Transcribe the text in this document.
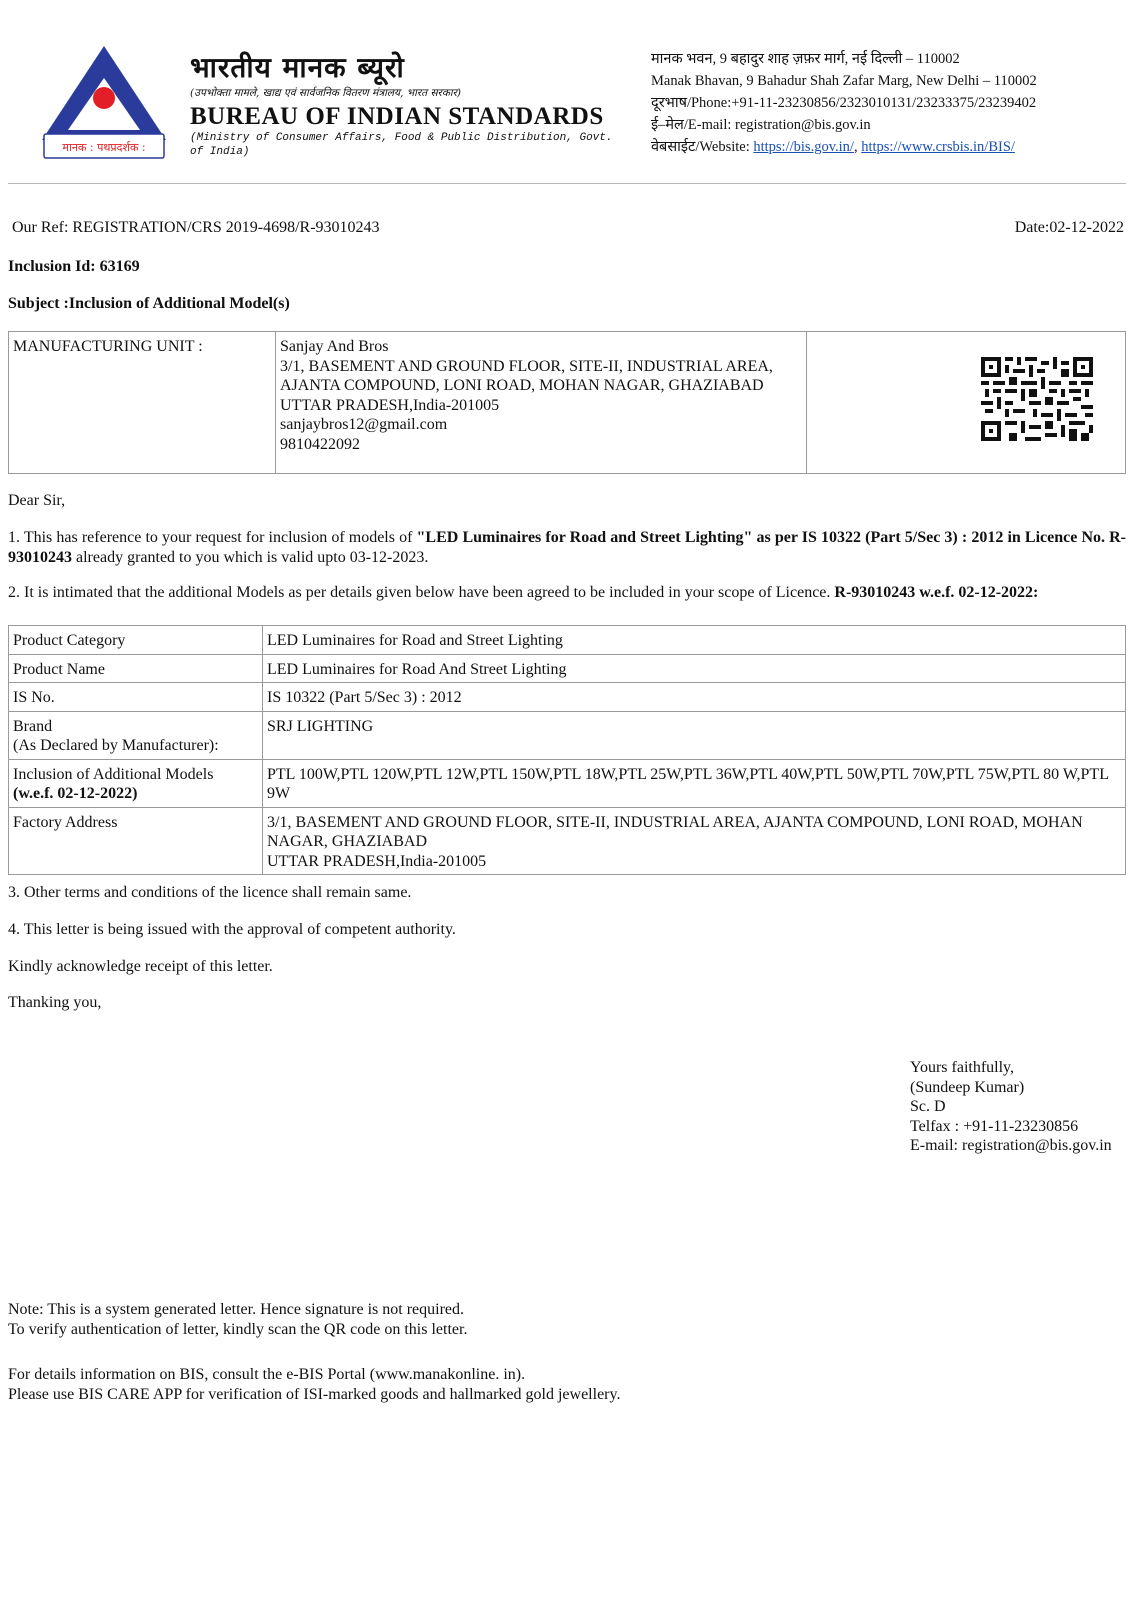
मानक : पथप्रदर्शक :
भारतीय मानक ब्यूरो
(उपभोक्ता मामले, खाद्य एवं सार्वजनिक वितरण मंत्रालय, भारत सरकार)
BUREAU OF INDIAN STANDARDS
(Ministry of Consumer Affairs, Food & Public Distribution, Govt. of India)
मानक भवन, 9 बहादुर शाह ज़फ़र मार्ग, नई दिल्ली – 110002
Manak Bhavan, 9 Bahadur Shah Zafar Marg, New Delhi – 110002
दूरभाष/Phone:+91-11-23230856/2323010131/23233375/23239402
ई–मेल/E-mail: registration@bis.gov.in
वेबसाईट/Website: https://bis.gov.in/, https://www.crsbis.in/BIS/
Our Ref: REGISTRATION/CRS 2019-4698/R-93010243	Date:02-12-2022
Inclusion Id: 63169
Subject :Inclusion of Additional Model(s)
MANUFACTURING UNIT :	Sanjay And Bros
3/1, BASEMENT AND GROUND FLOOR, SITE-II, INDUSTRIAL AREA, AJANTA COMPOUND, LONI ROAD, MOHAN NAGAR, GHAZIABAD
UTTAR PRADESH,India-201005
sanjaybros12@gmail.com
9810422092

Dear Sir,
1. This has reference to your request for inclusion of models of "LED Luminaires for Road and Street Lighting" as per IS 10322 (Part 5/Sec 3) : 2012 in Licence No. R-93010243 already granted to you which is valid upto 03-12-2023.
2. It is intimated that the additional Models as per details given below have been agreed to be included in your scope of Licence. R-93010243 w.e.f. 02-12-2022:
Product Category	LED Luminaires for Road and Street Lighting
Product Name	LED Luminaires for Road And Street Lighting
IS No.	IS 10322 (Part 5/Sec 3) : 2012

Brand
(As Declared by Manufacturer):	SRJ LIGHTING

Inclusion of Additional Models
(w.e.f. 02-12-2022)	PTL 100W,PTL 120W,PTL 12W,PTL 150W,PTL 18W,PTL 25W,PTL 36W,PTL 40W,PTL 50W,PTL 70W,PTL 75W,PTL 80 W,PTL 9W
Factory Address	3/1, BASEMENT AND GROUND FLOOR, SITE-II, INDUSTRIAL AREA, AJANTA COMPOUND, LONI ROAD, MOHAN NAGAR, GHAZIABAD
UTTAR PRADESH,India-201005
3. Other terms and conditions of the licence shall remain same.
4. This letter is being issued with the approval of competent authority.
Kindly acknowledge receipt of this letter.
Thanking you,
Yours faithfully,
(Sundeep Kumar)
Sc. D
Telfax : +91-11-23230856
E-mail: registration@bis.gov.in
Note: This is a system generated letter. Hence signature is not required.
To verify authentication of letter, kindly scan the QR code on this letter.
For details information on BIS, consult the e-BIS Portal (www.manakonline. in).
Please use BIS CARE APP for verification of ISI-marked goods and hallmarked gold jewellery.
